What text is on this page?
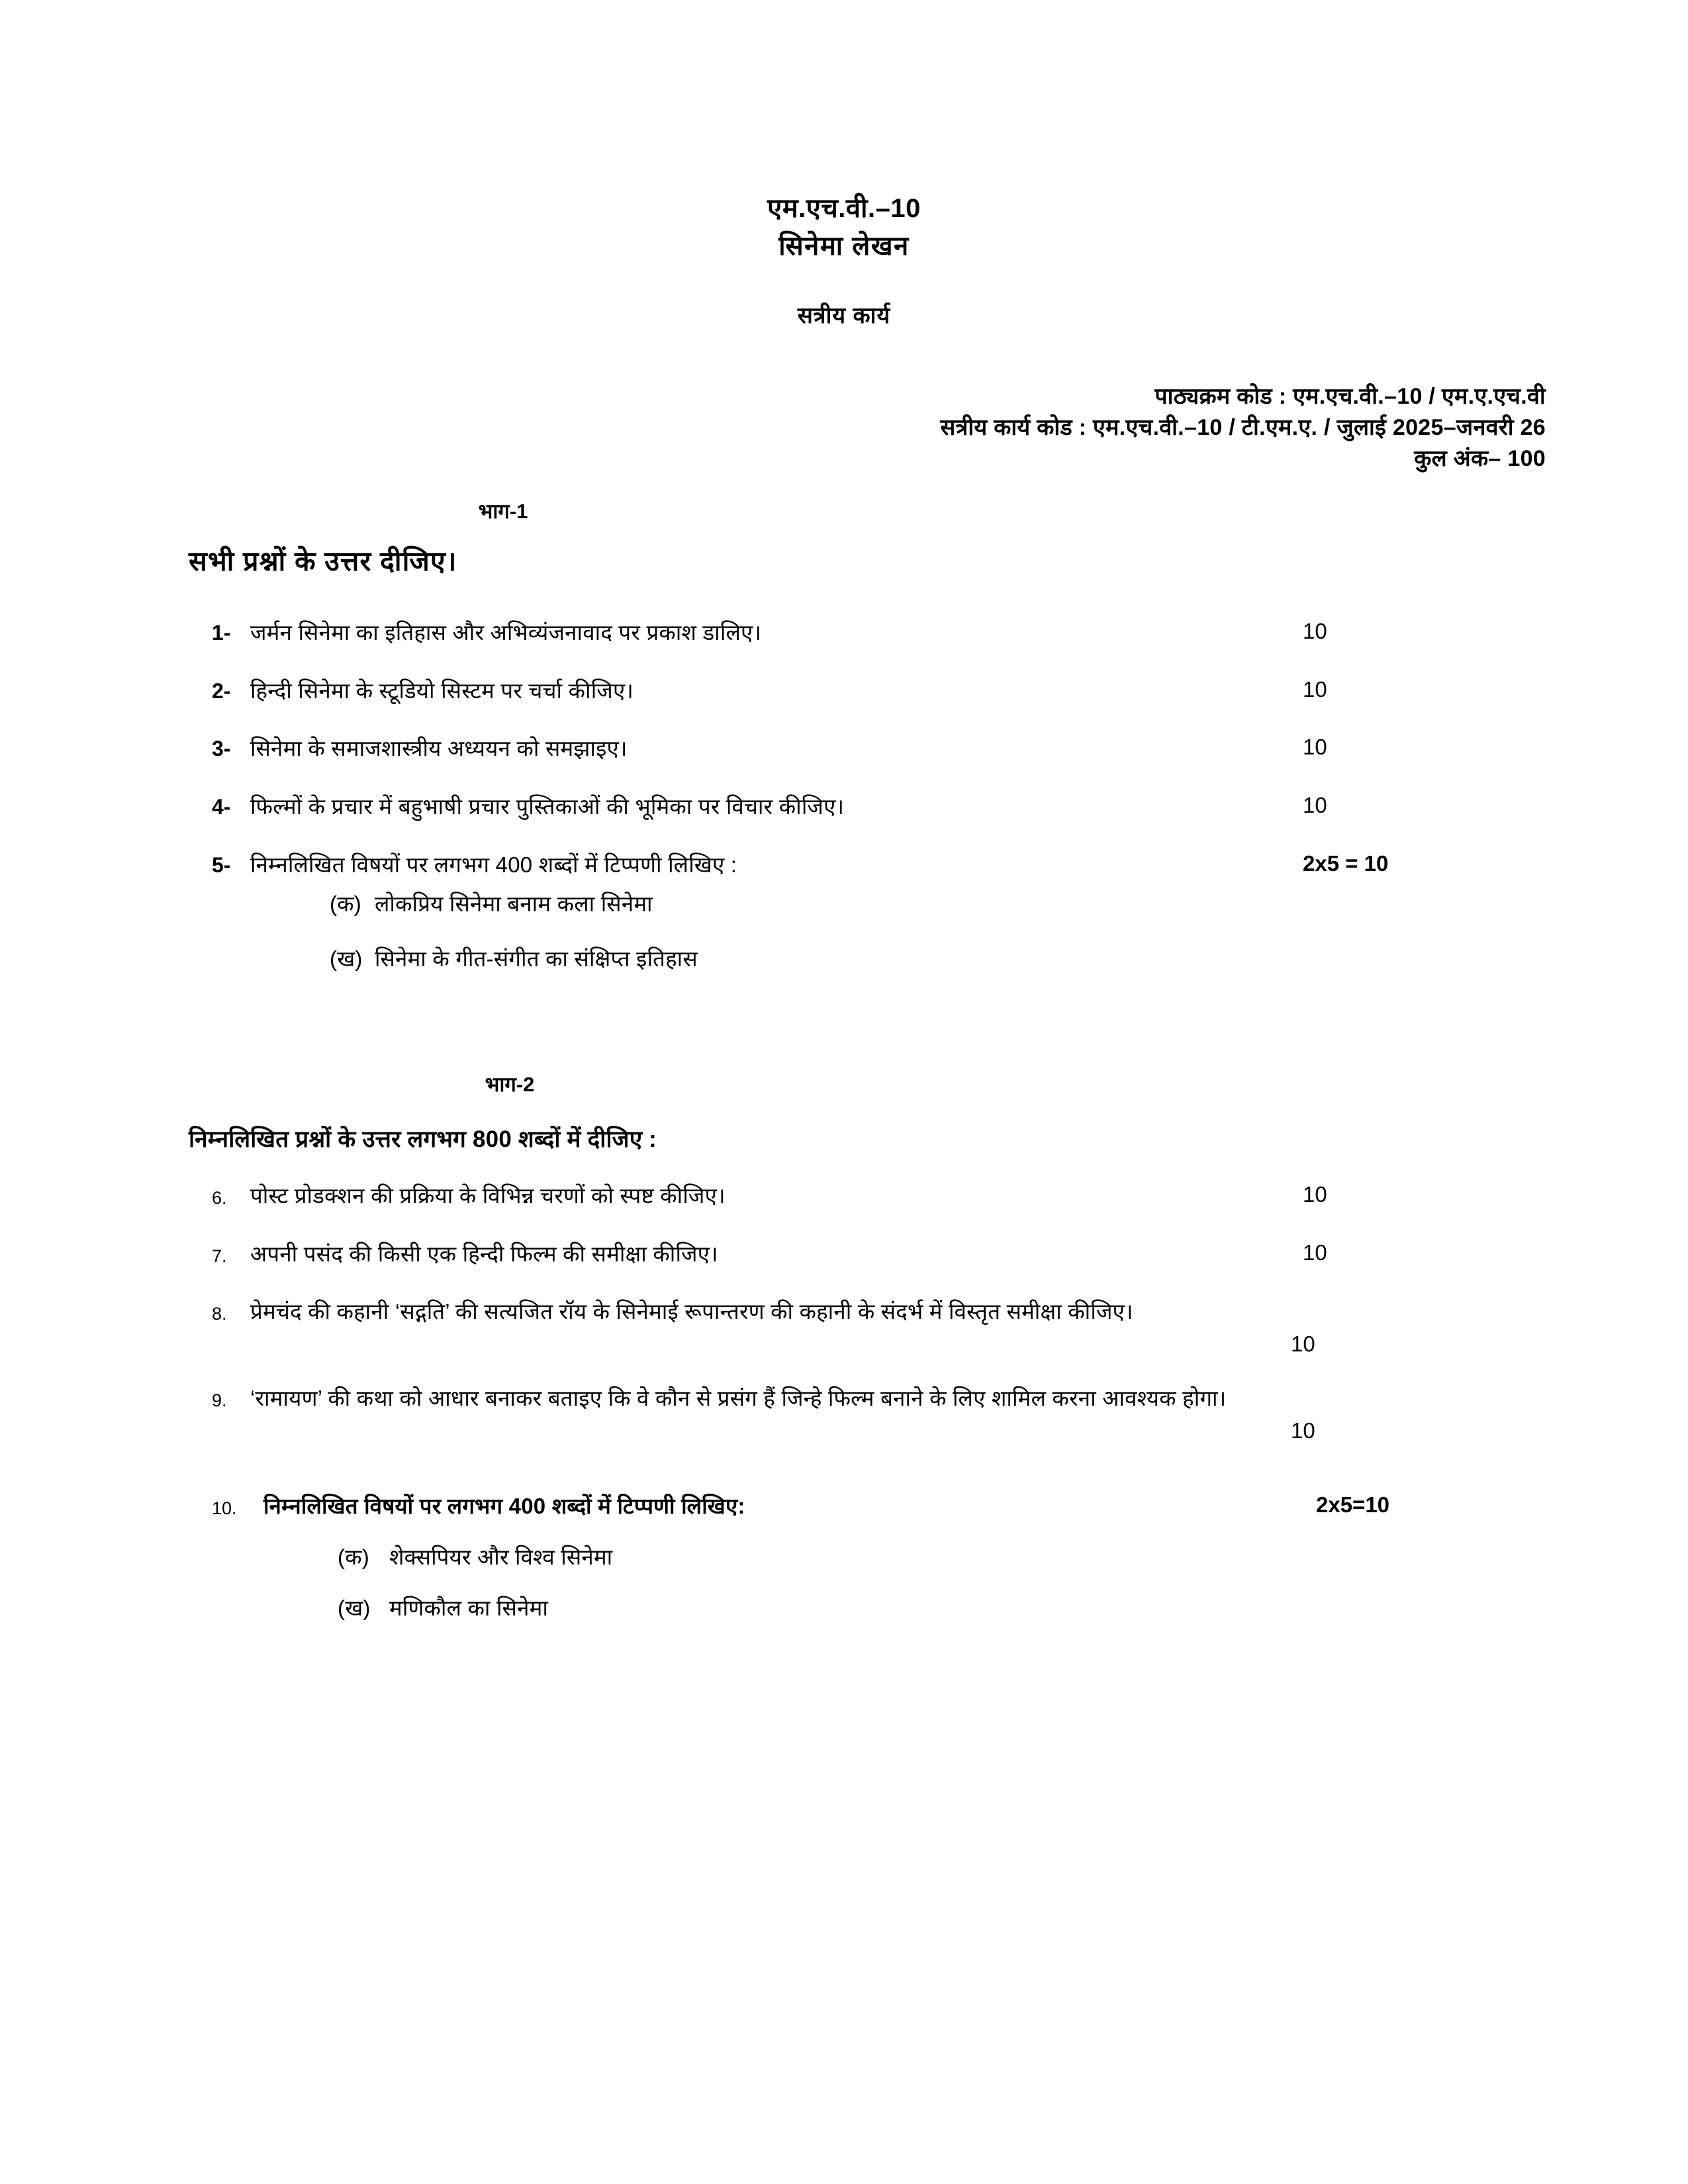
एम.एच.वी.–10
सिनेमा लेखन
सत्रीय कार्य
पाठ्यक्रम कोड : एम.एच.वी.–10 / एम.ए.एच.वी
सत्रीय कार्य कोड : एम.एच.वी.–10 / टी.एम.ए. / जुलाई 2025–जनवरी 26
कुल अंक– 100
भाग-1
सभी प्रश्नों के उत्तर दीजिए।
1- जर्मन सिनेमा का इतिहास और अभिव्यंजनावाद पर प्रकाश डालिए।	10
2- हिन्दी सिनेमा के स्टूडियो सिस्टम पर चर्चा कीजिए।	10
3- सिनेमा के समाजशास्त्रीय अध्ययन को समझाइए।	10
4- फिल्मों के प्रचार में बहुभाषी प्रचार पुस्तिकाओं की भूमिका पर विचार कीजिए।	10
5- निम्नलिखित विषयों पर लगभग 400 शब्दों में टिप्पणी लिखिए :	2x5 = 10
(क) लोकप्रिय सिनेमा बनाम कला सिनेमा
(ख) सिनेमा के गीत-संगीत का संक्षिप्त इतिहास
भाग-2
निम्नलिखित प्रश्नों के उत्तर लगभग 800 शब्दों में दीजिए :
6.	पोस्ट प्रोडक्शन की प्रक्रिया के विभिन्न चरणों को स्पष्ट कीजिए।	10
7.	अपनी पसंद की किसी एक हिन्दी फिल्म की समीक्षा कीजिए।	10
8.	प्रेमचंद की कहानी ‘सद्गति’ की सत्यजित रॉय के सिनेमाई रूपान्तरण की कहानी के संदर्भ में विस्तृत समीक्षा कीजिए।
10
9.	‘रामायण’ की कथा को आधार बनाकर बताइए कि वे कौन से प्रसंग हैं जिन्हे फिल्म बनाने के लिए शामिल करना आवश्यक होगा।
10
10.	निम्नलिखित विषयों पर लगभग 400 शब्दों में टिप्पणी लिखिए:	2x5=10
(क) शेक्सपियर और विश्व सिनेमा
(ख) मणिकौल का सिनेमा
